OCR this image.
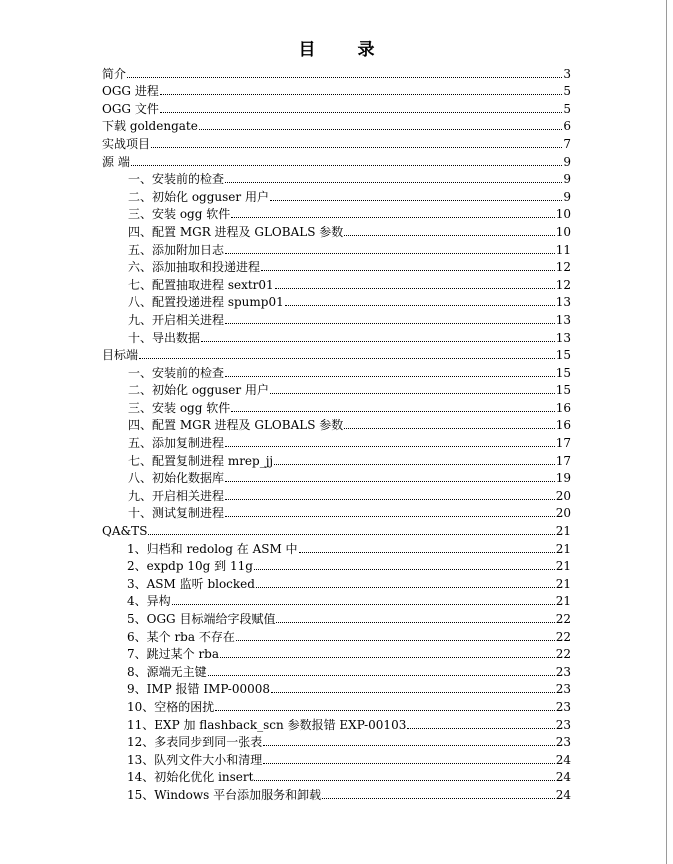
目 录
简介	3
OGG 进程	5
OGG 文件	5
下载 goldengate	6
实战项目	7
源 端	9
一、安装前的检查	9
二、初始化 ogguser 用户	9
三、安装 ogg 软件	10
四、配置 MGR 进程及 GLOBALS 参数	10
五、添加附加日志	11
六、添加抽取和投递进程	12
七、配置抽取进程 sextr01	12
八、配置投递进程 spump01	13
九、开启相关进程	13
十、导出数据	13
目标端	15
一、安装前的检查	15
二、初始化 ogguser 用户	15
三、安装 ogg 软件	16
四、配置 MGR 进程及 GLOBALS 参数	16
五、添加复制进程	17
七、配置复制进程 mrep_jj	17
八、初始化数据库	19
九、开启相关进程	20
十、测试复制进程	20
QA&TS	21
1、归档和 redolog 在 ASM 中	21
2、expdp 10g 到 11g	21
3、ASM 监听 blocked	21
4、异构	21
5、OGG 目标端给字段赋值	22
6、某个 rba 不存在	22
7、跳过某个 rba	22
8、源端无主键	23
9、IMP 报错 IMP-00008	23
10、空格的困扰	23
11、EXP 加 flashback_scn 参数报错 EXP-00103	23
12、多表同步到同一张表	23
13、队列文件大小和清理	24
14、初始化优化 insert	24
15、Windows 平台添加服务和卸载	24
